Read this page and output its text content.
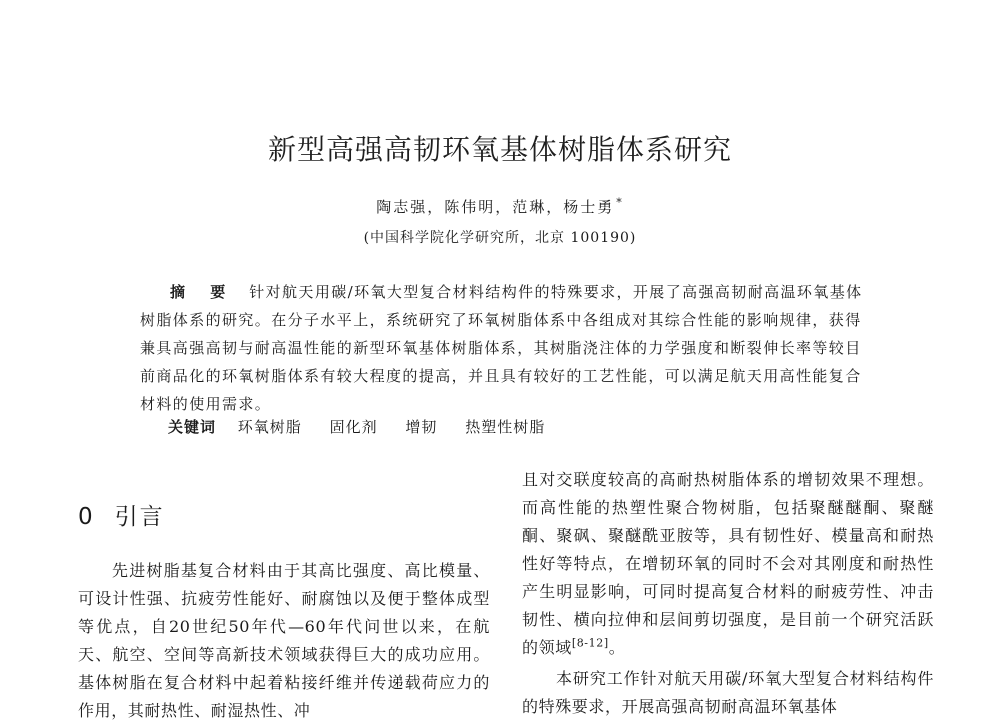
新型高强高韧环氧基体树脂体系研究
陶志强，陈伟明，范琳，杨士勇 *
(中国科学院化学研究所，北京 100190)
摘 要 针对航天用碳/环氧大型复合材料结构件的特殊要求，开展了高强高韧耐高温环氧基体树脂体系的研究。在分子水平上，系统研究了环氧树脂体系中各组成对其综合性能的影响规律，获得兼具高强高韧与耐高温性能的新型环氧基体树脂体系，其树脂浇注体的力学强度和断裂伸长率等较目前商品化的环氧树脂体系有较大程度的提高，并且具有较好的工艺性能，可以满足航天用高性能复合材料的使用需求。
关键词 环氧树脂 固化剂 增韧 热塑性树脂
0 引言

先进树脂基复合材料由于其高比强度、高比模量、可设计性强、抗疲劳性能好、耐腐蚀以及便于整体成型等优点，自20世纪50年代—60年代问世以来，在航天、航空、空间等高新技术领域获得巨大的成功应用。基体树脂在复合材料中起着粘接纤维并传递载荷应力的作用，其耐热性、耐湿热性、冲

且对交联度较高的高耐热树脂体系的增韧效果不理想。而高性能的热塑性聚合物树脂，包括聚醚醚酮、聚醚酮、聚砜、聚醚酰亚胺等，具有韧性好、模量高和耐热性好等特点，在增韧环氧的同时不会对其刚度和耐热性产生明显影响，可同时提高复合材料的耐疲劳性、冲击韧性、横向拉伸和层间剪切强度，是目前一个研究活跃的领域[8-12]。

本研究工作针对航天用碳/环氧大型复合材料结构件的特殊要求，开展高强高韧耐高温环氧基体
